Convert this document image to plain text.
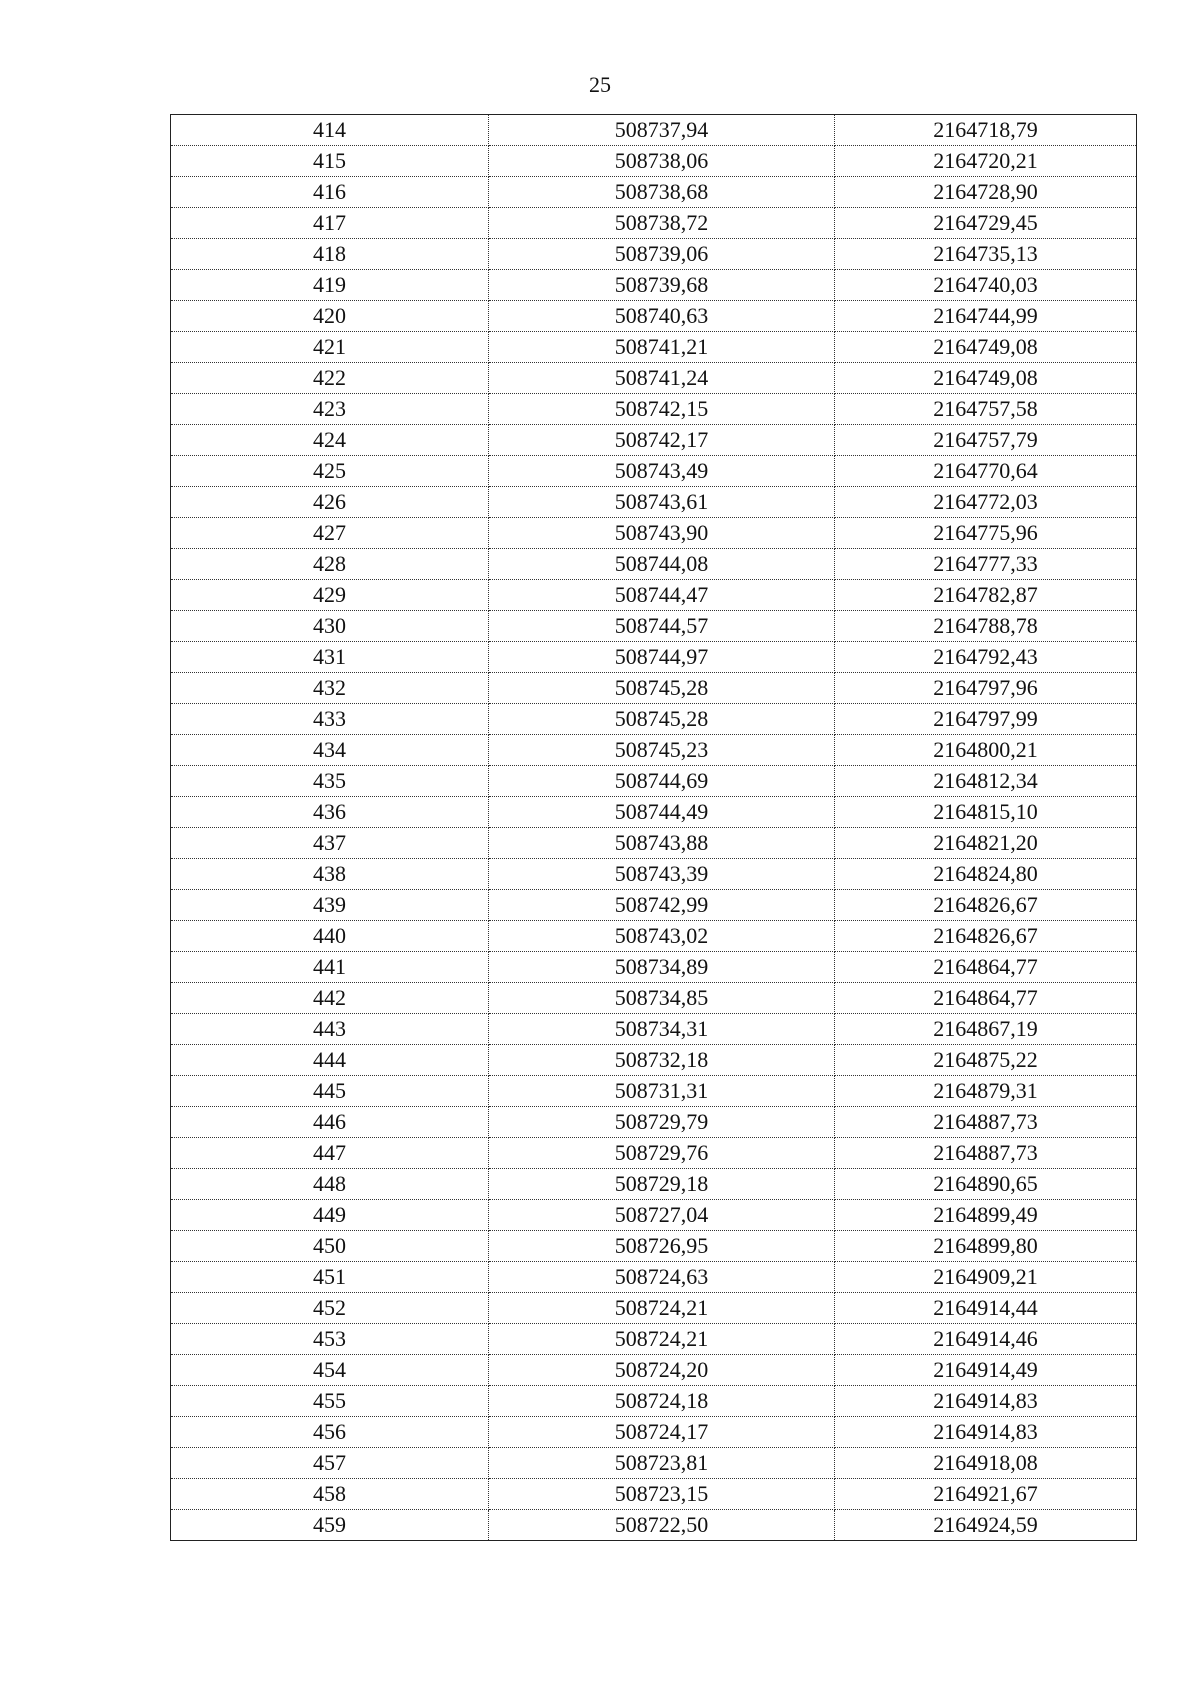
25
414	508737,94	2164718,79
415	508738,06	2164720,21
416	508738,68	2164728,90
417	508738,72	2164729,45
418	508739,06	2164735,13
419	508739,68	2164740,03
420	508740,63	2164744,99
421	508741,21	2164749,08
422	508741,24	2164749,08
423	508742,15	2164757,58
424	508742,17	2164757,79
425	508743,49	2164770,64
426	508743,61	2164772,03
427	508743,90	2164775,96
428	508744,08	2164777,33
429	508744,47	2164782,87
430	508744,57	2164788,78
431	508744,97	2164792,43
432	508745,28	2164797,96
433	508745,28	2164797,99
434	508745,23	2164800,21
435	508744,69	2164812,34
436	508744,49	2164815,10
437	508743,88	2164821,20
438	508743,39	2164824,80
439	508742,99	2164826,67
440	508743,02	2164826,67
441	508734,89	2164864,77
442	508734,85	2164864,77
443	508734,31	2164867,19
444	508732,18	2164875,22
445	508731,31	2164879,31
446	508729,79	2164887,73
447	508729,76	2164887,73
448	508729,18	2164890,65
449	508727,04	2164899,49
450	508726,95	2164899,80
451	508724,63	2164909,21
452	508724,21	2164914,44
453	508724,21	2164914,46
454	508724,20	2164914,49
455	508724,18	2164914,83
456	508724,17	2164914,83
457	508723,81	2164918,08
458	508723,15	2164921,67
459	508722,50	2164924,59
